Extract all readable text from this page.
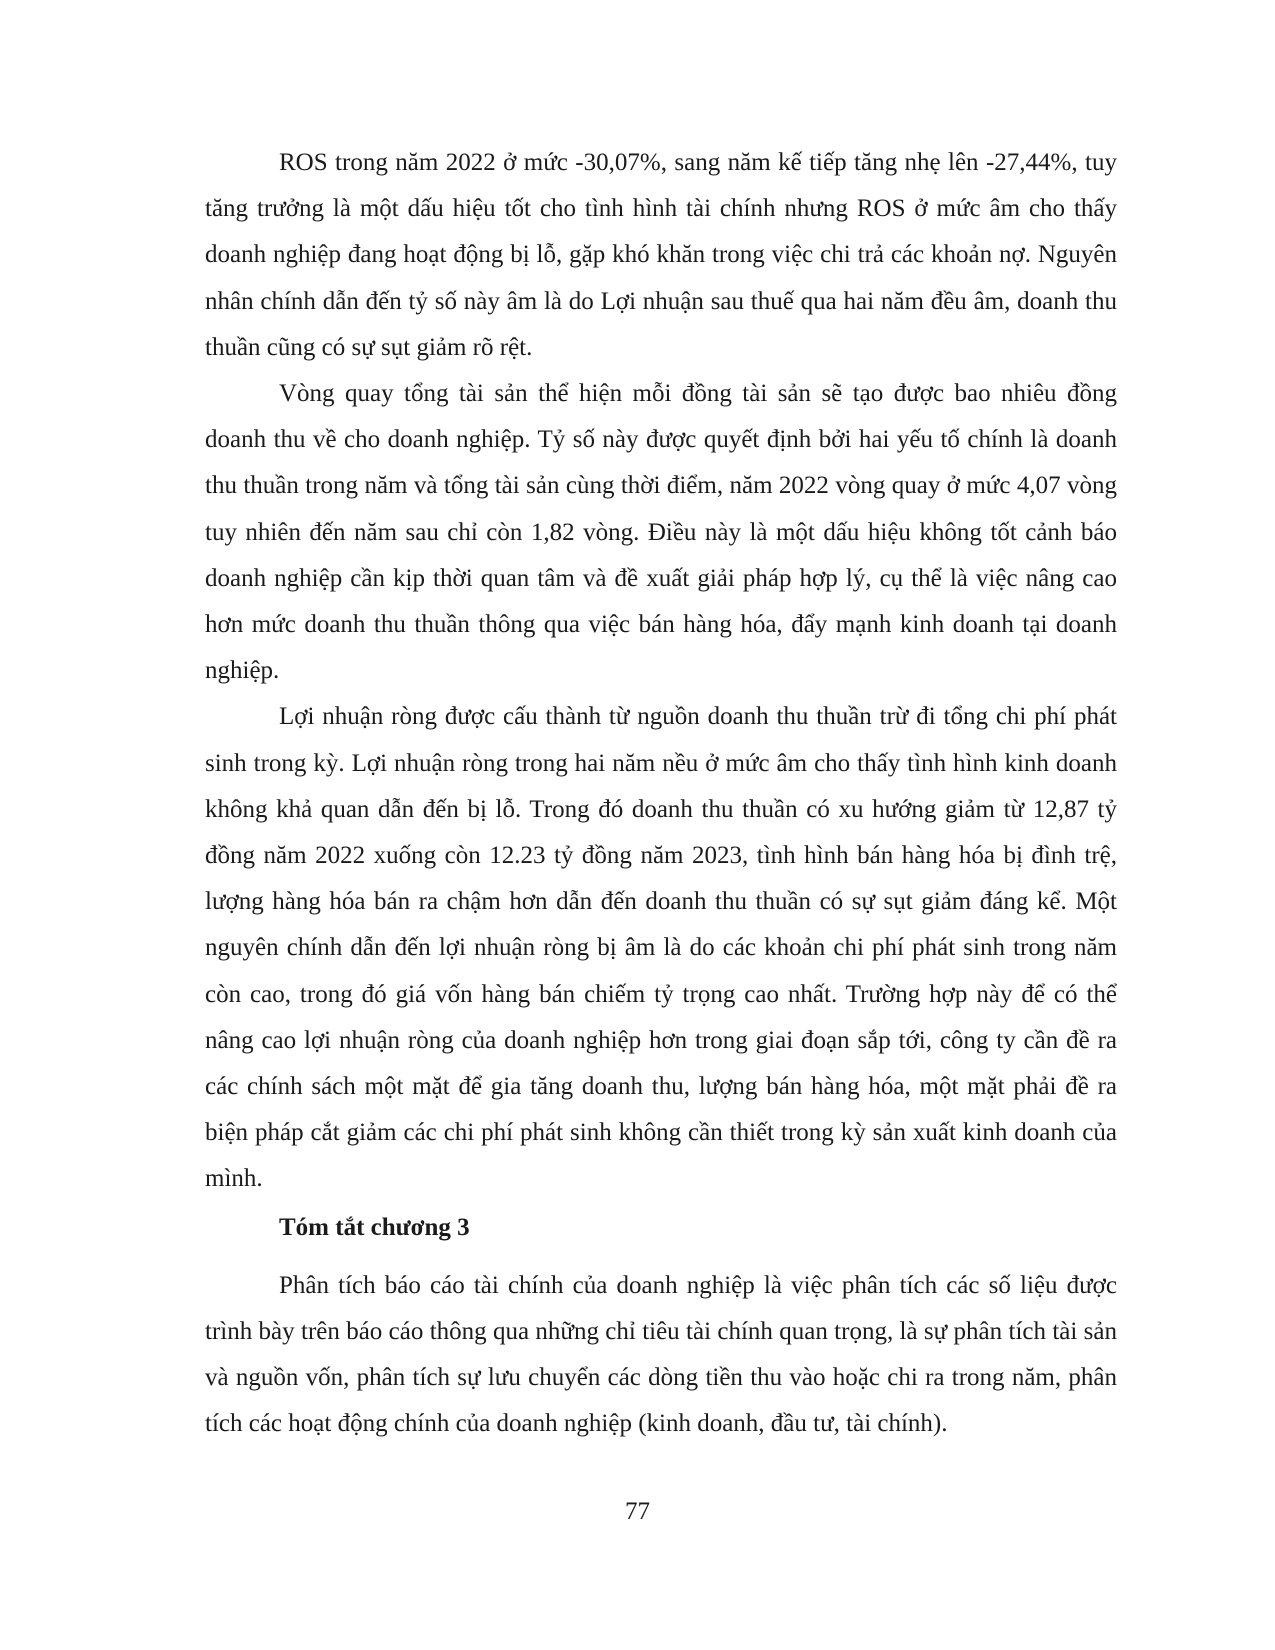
ROS trong năm 2022 ở mức -30,07%, sang năm kế tiếp tăng nhẹ lên -27,44%, tuy tăng trưởng là một dấu hiệu tốt cho tình hình tài chính nhưng ROS ở mức âm cho thấy doanh nghiệp đang hoạt động bị lỗ, gặp khó khăn trong việc chi trả các khoản nợ. Nguyên nhân chính dẫn đến tỷ số này âm là do Lợi nhuận sau thuế qua hai năm đều âm, doanh thu thuần cũng có sự sụt giảm rõ rệt.

Vòng quay tổng tài sản thể hiện mỗi đồng tài sản sẽ tạo được bao nhiêu đồng doanh thu về cho doanh nghiệp. Tỷ số này được quyết định bởi hai yếu tố chính là doanh thu thuần trong năm và tổng tài sản cùng thời điểm, năm 2022 vòng quay ở mức 4,07 vòng tuy nhiên đến năm sau chỉ còn 1,82 vòng. Điều này là một dấu hiệu không tốt cảnh báo doanh nghiệp cần kịp thời quan tâm và đề xuất giải pháp hợp lý, cụ thể là việc nâng cao hơn mức doanh thu thuần thông qua việc bán hàng hóa, đẩy mạnh kinh doanh tại doanh nghiệp.

Lợi nhuận ròng được cấu thành từ nguồn doanh thu thuần trừ đi tổng chi phí phát sinh trong kỳ. Lợi nhuận ròng trong hai năm nều ở mức âm cho thấy tình hình kinh doanh không khả quan dẫn đến bị lỗ. Trong đó doanh thu thuần có xu hướng giảm từ 12,87 tỷ đồng năm 2022 xuống còn 12.23 tỷ đồng năm 2023, tình hình bán hàng hóa bị đình trệ, lượng hàng hóa bán ra chậm hơn dẫn đến doanh thu thuần có sự sụt giảm đáng kể. Một nguyên chính dẫn đến lợi nhuận ròng bị âm là do các khoản chi phí phát sinh trong năm còn cao, trong đó giá vốn hàng bán chiếm tỷ trọng cao nhất. Trường hợp này để có thể nâng cao lợi nhuận ròng của doanh nghiệp hơn trong giai đoạn sắp tới, công ty cần đề ra các chính sách một mặt để gia tăng doanh thu, lượng bán hàng hóa, một mặt phải đề ra biện pháp cắt giảm các chi phí phát sinh không cần thiết trong kỳ sản xuất kinh doanh của mình.

Tóm tắt chương 3

Phân tích báo cáo tài chính của doanh nghiệp là việc phân tích các số liệu được trình bày trên báo cáo thông qua những chỉ tiêu tài chính quan trọng, là sự phân tích tài sản và nguồn vốn, phân tích sự lưu chuyển các dòng tiền thu vào hoặc chi ra trong năm, phân tích các hoạt động chính của doanh nghiệp (kinh doanh, đầu tư, tài chính).

77
